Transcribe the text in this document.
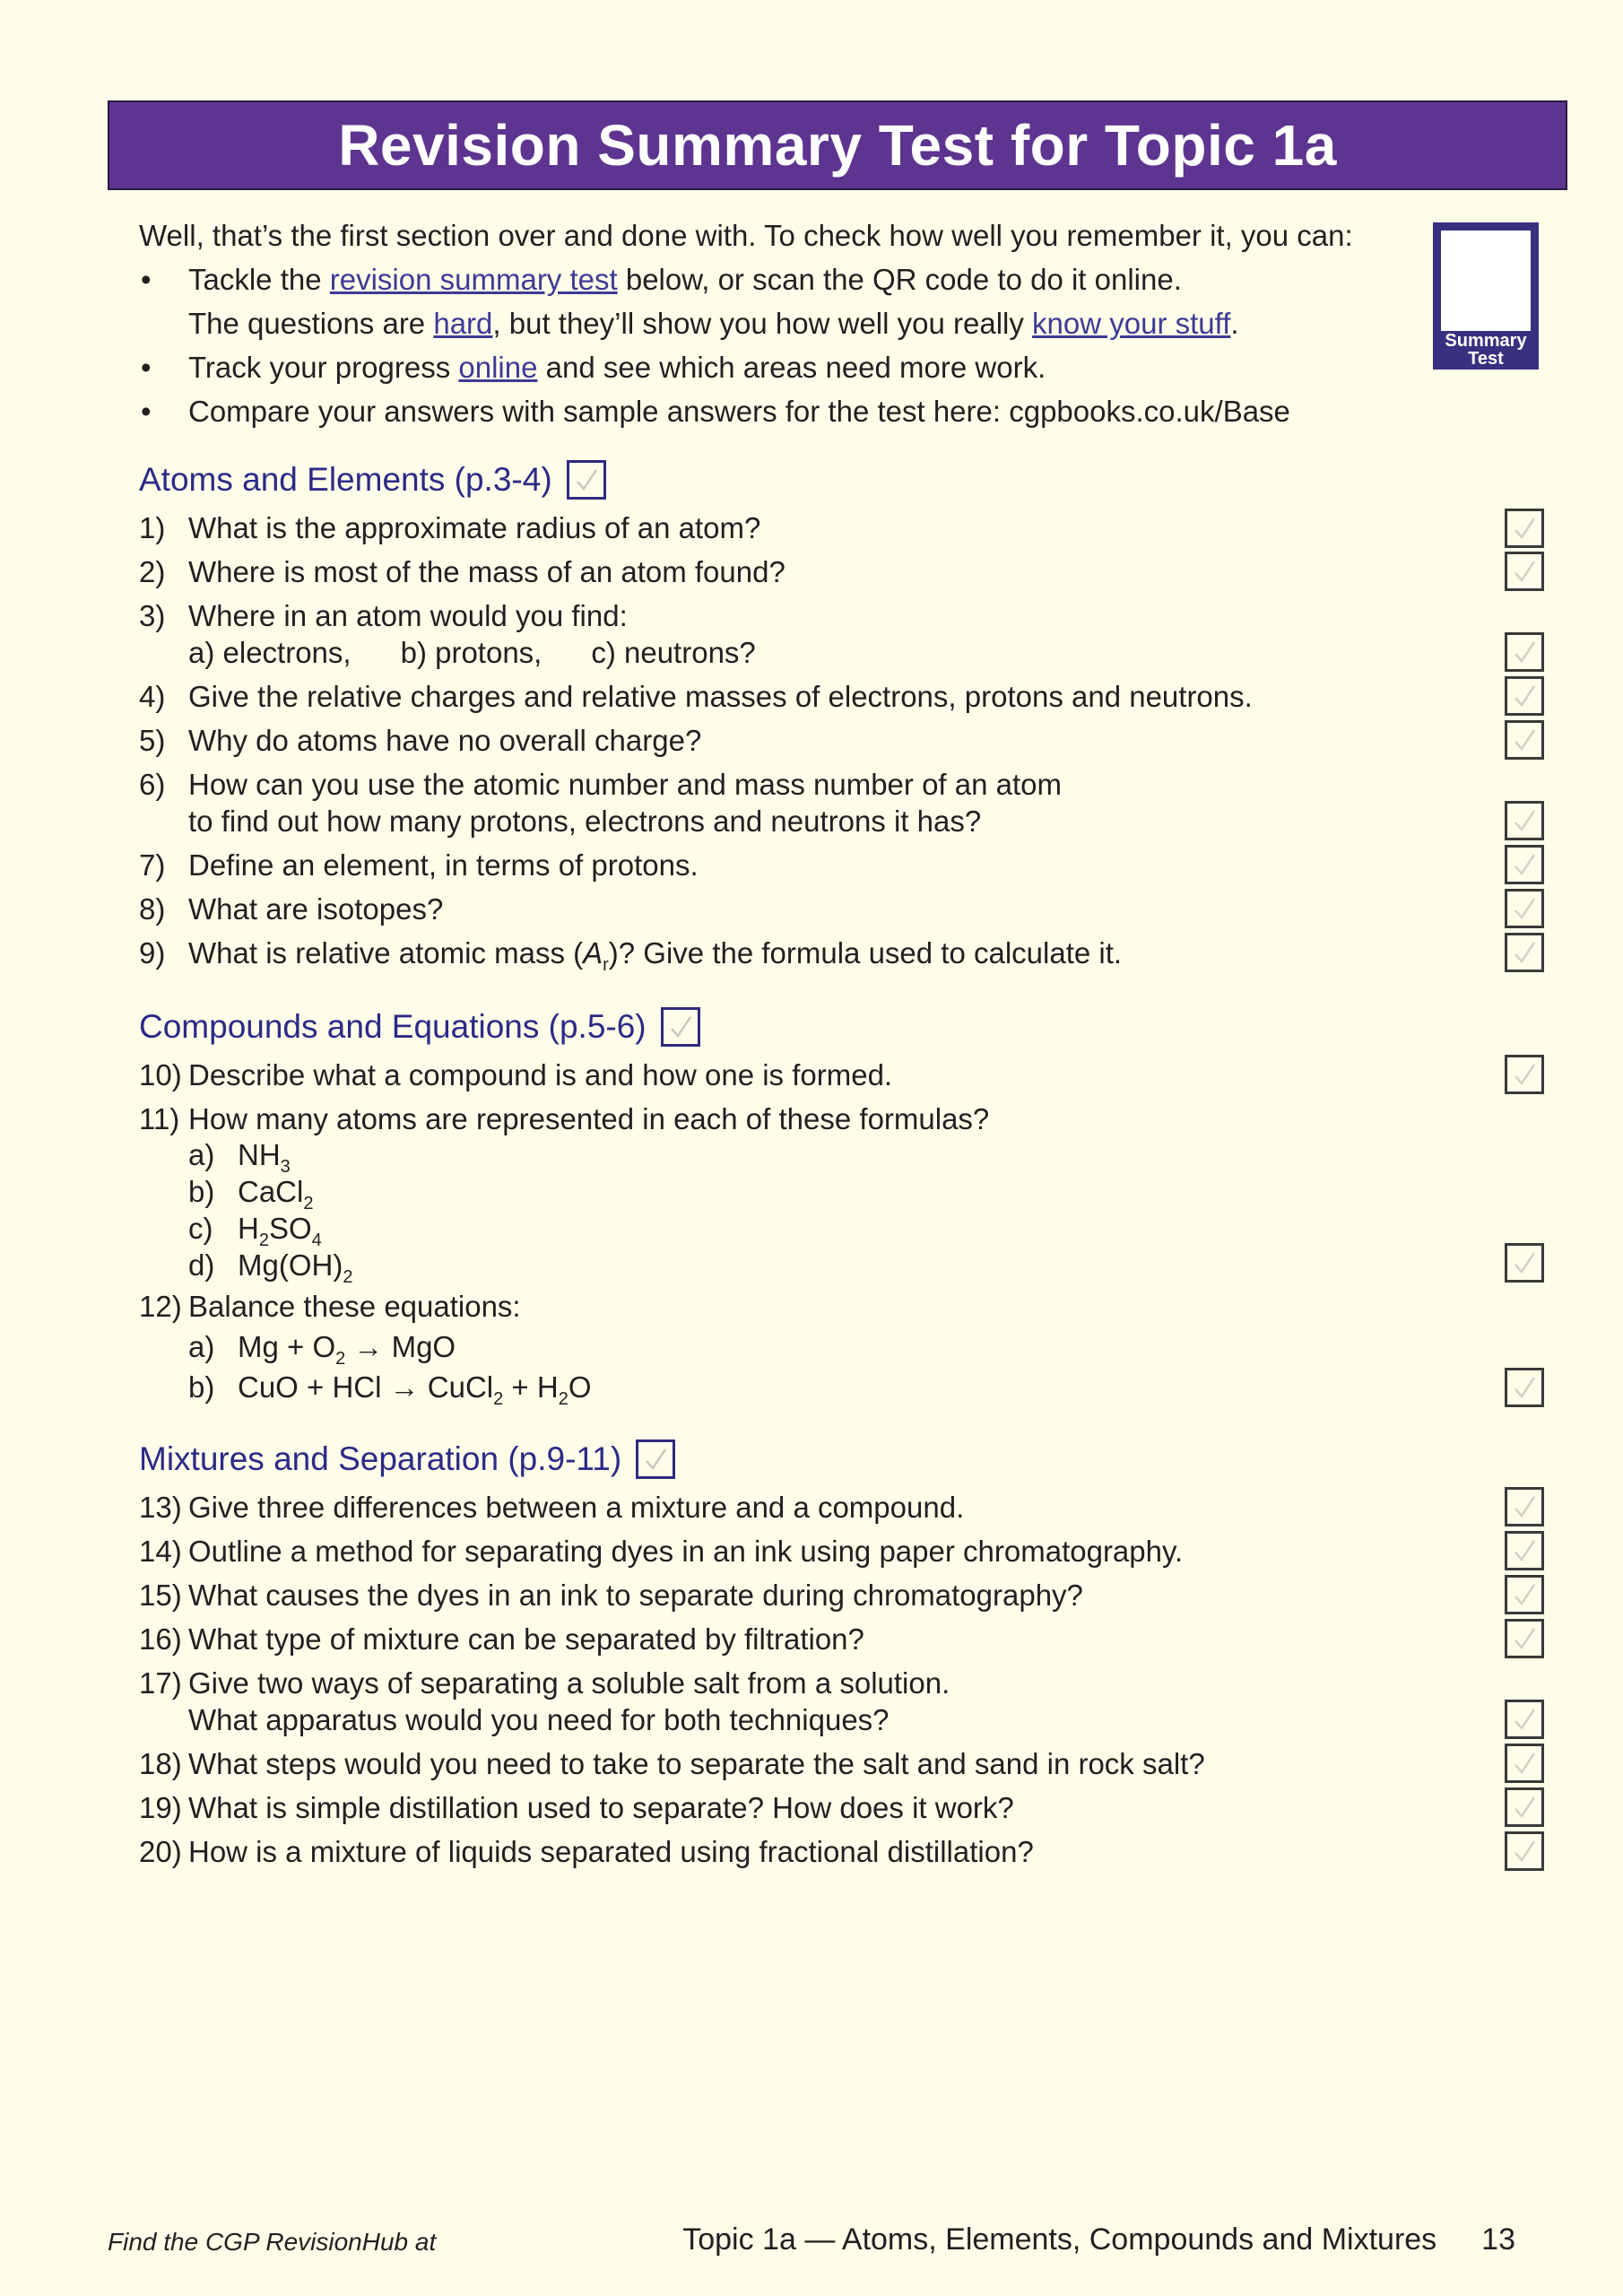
Revision Summary Test for Topic 1a

Well, that’s the first section over and done with. To check how well you remember it, you can:

• Tackle the revision summary test below, or scan the QR code to do it online.
The questions are hard, but they’ll show you how well you really know your stuff.
• Track your progress online and see which areas need more work.
• Compare your answers with sample answers for the test here: cgpbooks.co.uk/Base
Summary
Test
Atoms and Elements (p.3-4)
1) What is the approximate radius of an atom?
2) Where is most of the mass of an atom found?
3) Where in an atom would you find:
a) electrons, b) protons, c) neutrons?
4) Give the relative charges and relative masses of electrons, protons and neutrons.
5) Why do atoms have no overall charge?
6) How can you use the atomic number and mass number of an atom
to find out how many protons, electrons and neutrons it has?
7) Define an element, in terms of protons.
8) What are isotopes?
9) What is relative atomic mass $(A_r)$? Give the formula used to calculate it.
Compounds and Equations (p.5-6)
10) Describe what a compound is and how one is formed.
11) How many atoms are represented in each of these formulas?
a) $NH_3$
b) CaCl$_2$
c) $H_2SO_4$
d) $Mg(OH)_2$
12) Balance these equations:
a) $Mg + O_2$ → MgO
b) CuO + HCl → CuCl$_2$ + $H_2O$
Mixtures and Separation (p.9-11)
13) Give three differences between a mixture and a compound.
14) Outline a method for separating dyes in an ink using paper chromatography.
15) What causes the dyes in an ink to separate during chromatography?
16) What type of mixture can be separated by filtration?
17) Give two ways of separating a soluble salt from a solution.
What apparatus would you need for both techniques?
18) What steps would you need to take to separate the salt and sand in rock salt?
19) What is simple distillation used to separate? How does it work?
20) How is a mixture of liquids separated using fractional distillation?
Find the CGP RevisionHub at	Topic 1a — Atoms, Elements, Compounds and Mixtures 13
